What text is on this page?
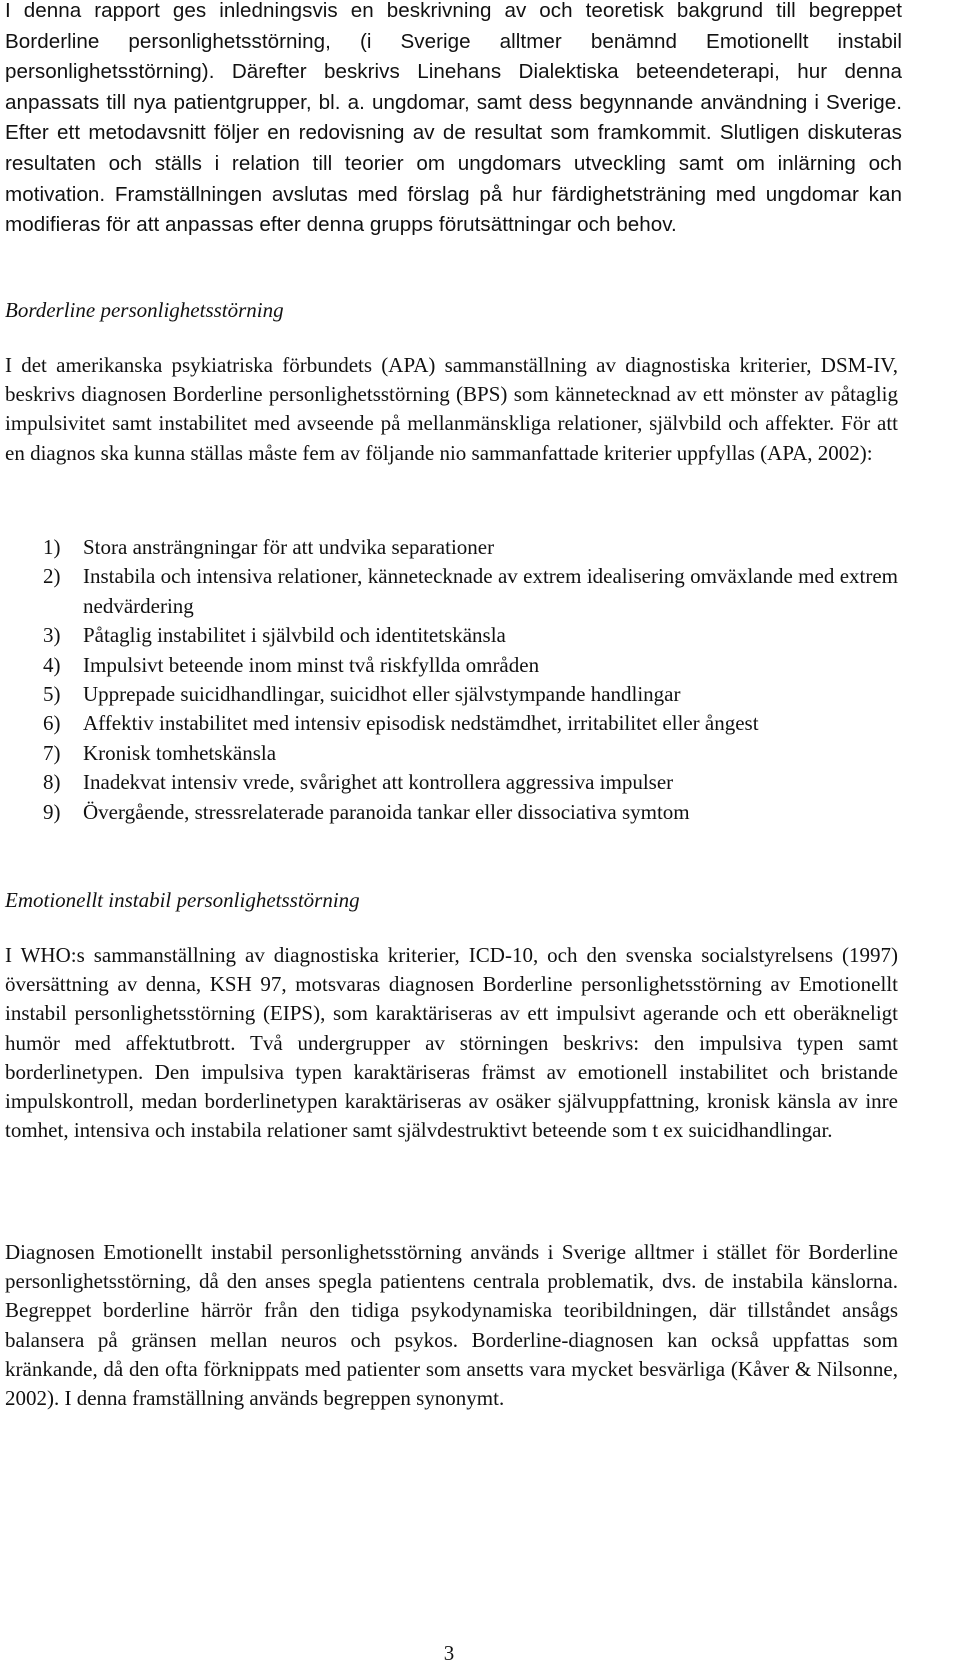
I denna rapport ges inledningsvis en beskrivning av och teoretisk bakgrund till begreppet Borderline personlighetsstörning, (i Sverige alltmer benämnd Emotionellt instabil personlighetsstörning). Därefter beskrivs Linehans Dialektiska beteendeterapi, hur denna anpassats till nya patientgrupper, bl. a. ungdomar, samt dess begynnande användning i Sverige. Efter ett metodavsnitt följer en redovisning av de resultat som framkommit. Slutligen diskuteras resultaten och ställs i relation till teorier om ungdomars utveckling samt om inlärning och motivation. Framställningen avslutas med förslag på hur färdighetsträning med ungdomar kan modifieras för att anpassas efter denna grupps förutsättningar och behov.

Borderline personlighetsstörning

I det amerikanska psykiatriska förbundets (APA) sammanställning av diagnostiska kriterier, DSM-IV, beskrivs diagnosen Borderline personlighetsstörning (BPS) som kännetecknad av ett mönster av påtaglig impulsivitet samt instabilitet med avseende på mellanmänskliga relationer, självbild och affekter. För att en diagnos ska kunna ställas måste fem av följande nio sammanfattade kriterier uppfyllas (APA, 2002):

1)	Stora ansträngningar för att undvika separationer
2)	Instabila och intensiva relationer, kännetecknade av extrem idealisering omväxlande med extrem nedvärdering
3)	Påtaglig instabilitet i självbild och identitetskänsla
4)	Impulsivt beteende inom minst två riskfyllda områden
5)	Upprepade suicidhandlingar, suicidhot eller självstympande handlingar
6)	Affektiv instabilitet med intensiv episodisk nedstämdhet, irritabilitet eller ångest
7)	Kronisk tomhetskänsla
8)	Inadekvat intensiv vrede, svårighet att kontrollera aggressiva impulser
9)	Övergående, stressrelaterade paranoida tankar eller dissociativa symtom
Emotionellt instabil personlighetsstörning

I WHO:s sammanställning av diagnostiska kriterier, ICD-10, och den svenska socialstyrelsens (1997) översättning av denna, KSH 97, motsvaras diagnosen Borderline personlighetsstörning av Emotionellt instabil personlighetsstörning (EIPS), som karaktäriseras av ett impulsivt agerande och ett oberäkneligt humör med affektutbrott. Två undergrupper av störningen beskrivs: den impulsiva typen samt borderlinetypen. Den impulsiva typen karaktäriseras främst av emotionell instabilitet och bristande impulskontroll, medan borderlinetypen karaktäriseras av osäker självuppfattning, kronisk känsla av inre tomhet, intensiva och instabila relationer samt självdestruktivt beteende som t ex suicidhandlingar.

Diagnosen Emotionellt instabil personlighetsstörning används i Sverige alltmer i stället för Borderline personlighetsstörning, då den anses spegla patientens centrala problematik, dvs. de instabila känslorna. Begreppet borderline härrör från den tidiga psykodynamiska teoribildningen, där tillståndet ansågs balansera på gränsen mellan neuros och psykos. Borderline-diagnosen kan också uppfattas som kränkande, då den ofta förknippats med patienter som ansetts vara mycket besvärliga (Kåver & Nilsonne, 2002). I denna framställning används begreppen synonymt.

3
